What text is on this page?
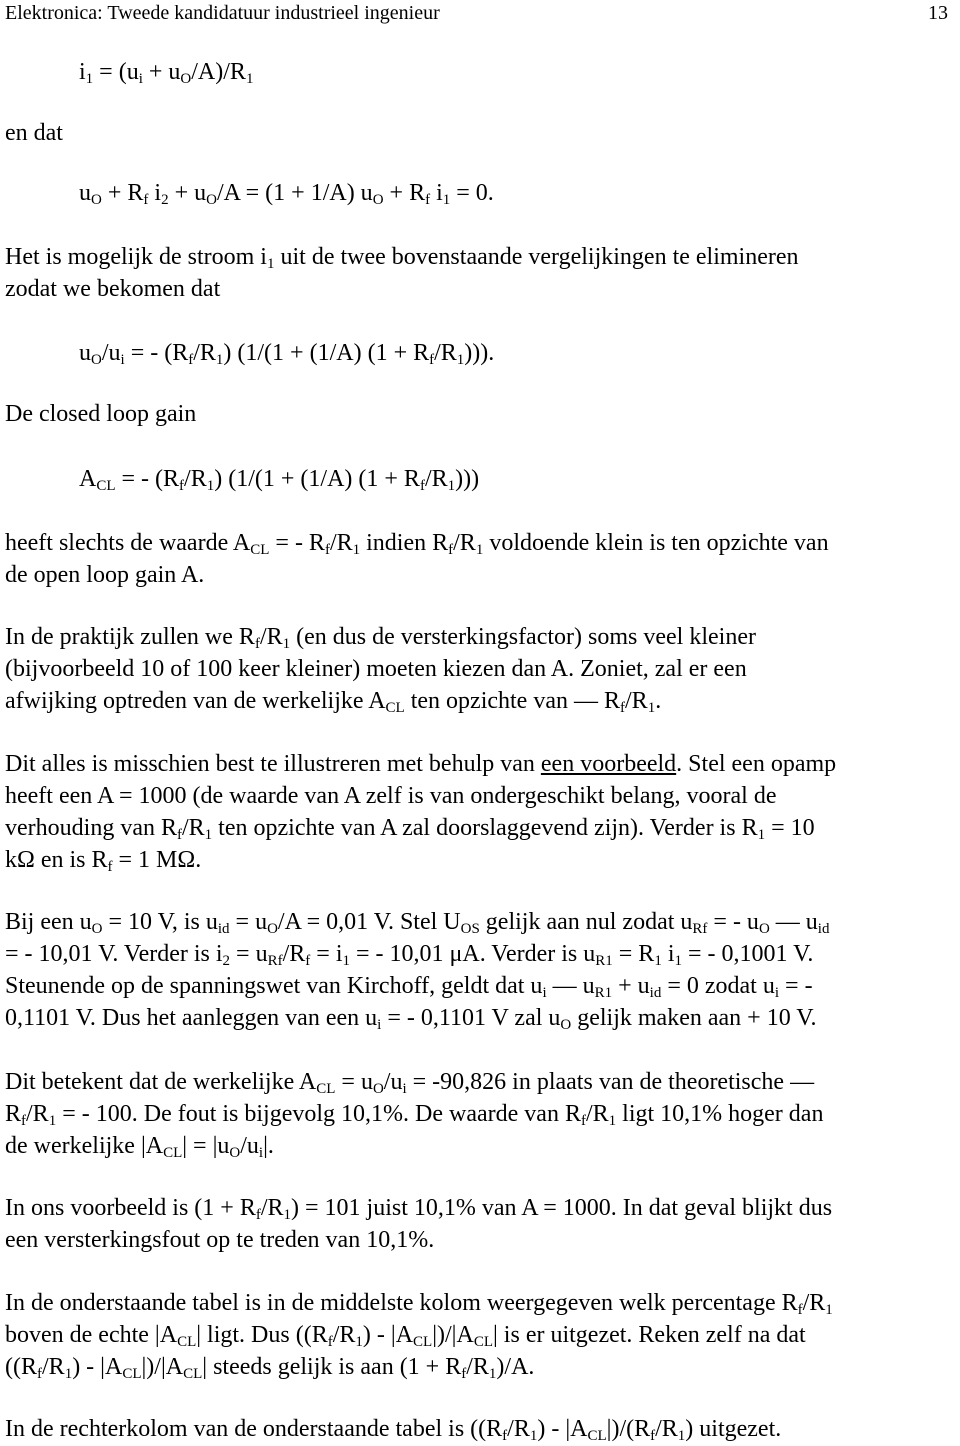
Elektronica: Tweede kandidatuur industrieel ingenieur	13
$i_1 = (u_i + u_O/A)/R_1$
en dat
$u_O + R_f$ $i_2 + u_O/A = (1 + 1/A) u_O + R_f$ $i_1 = 0$.
Het is mogelijk de stroom $i_1$ uit de twee bovenstaande vergelijkingen te elimineren
zodat we bekomen dat
$u_O/u_i$ = - $(R_f/R_1) (1/(1 + (1/A) (1 + R_f/R_1)))$.
De closed loop gain
$A_{CL}$ = - $(R_f/R_1) (1/(1 + (1/A) (1 + R_f/R_1)))$
heeft slechts de waarde $A_{CL}$ = - $R_f/R_1$ indien $R_f/R_1$ voldoende klein is ten opzichte van
de open loop gain A.
In de praktijk zullen we $R_f/R_1$ (en dus de versterkingsfactor) soms veel kleiner
(bijvoorbeeld 10 of 100 keer kleiner) moeten kiezen dan A. Zoniet, zal er een
afwijking optreden van de werkelijke $A_{CL}$ ten opzichte van — $R_f/R_1$.
Dit alles is misschien best te illustreren met behulp van een voorbeeld. Stel een opamp
heeft een A = 1000 (de waarde van A zelf is van ondergeschikt belang, vooral de
verhouding van $R_f/R_1$ ten opzichte van A zal doorslaggevend zijn). Verder is $R_1 = 10$
kΩ en is $R_f = 1$ MΩ.
Bij een $u_O = 10$ V, is $u_{id} = u_O/A = 0,01$ V. Stel $U_{OS}$ gelijk aan nul zodat $u_{Rf}$ = - $u_O$ — $u_{id}$
= - 10,01 V. Verder is $i_2 = u_{Rf}/R_f = i_1$ = - 10,01 μA. Verder is $u_{R1} = R_1$ $i_1$ = - 0,1001 V.
Steunende op de spanningswet van Kirchoff, geldt dat $u_i$ — $u_{R1} + u_{id} = 0$ zodat $u_i$ = -
0,1101 V. Dus het aanleggen van een $u_i$ = - 0,1101 V zal $u_O$ gelijk maken aan + 10 V.
Dit betekent dat de werkelijke $A_{CL} = u_O/u_i = -90,826$ in plaats van de theoretische —
$R_f/R_1$ = - 100. De fout is bijgevolg 10,1%. De waarde van $R_f/R_1$ ligt 10,1% hoger dan
de werkelijke $|A_{CL}| = |u_O/u_i|$.
In ons voorbeeld is $(1 + R_f/R_1) = 101$ juist 10,1% van A = 1000. In dat geval blijkt dus
een versterkingsfout op te treden van 10,1%.
In de onderstaande tabel is in de middelste kolom weergegeven welk percentage $R_f/R_1$
boven de echte $|A_{CL}|$ ligt. Dus $((R_f/R_1) - |A_{CL}|)/|A_{CL}|$ is er uitgezet. Reken zelf na dat
$((R_f/R_1) - |A_{CL}|)/|A_{CL}|$ steeds gelijk is aan $(1 + R_f/R_1)/A$.
In de rechterkolom van de onderstaande tabel is $((R_f/R_1) - |A_{CL}|)/(R_f/R_1)$ uitgezet.
